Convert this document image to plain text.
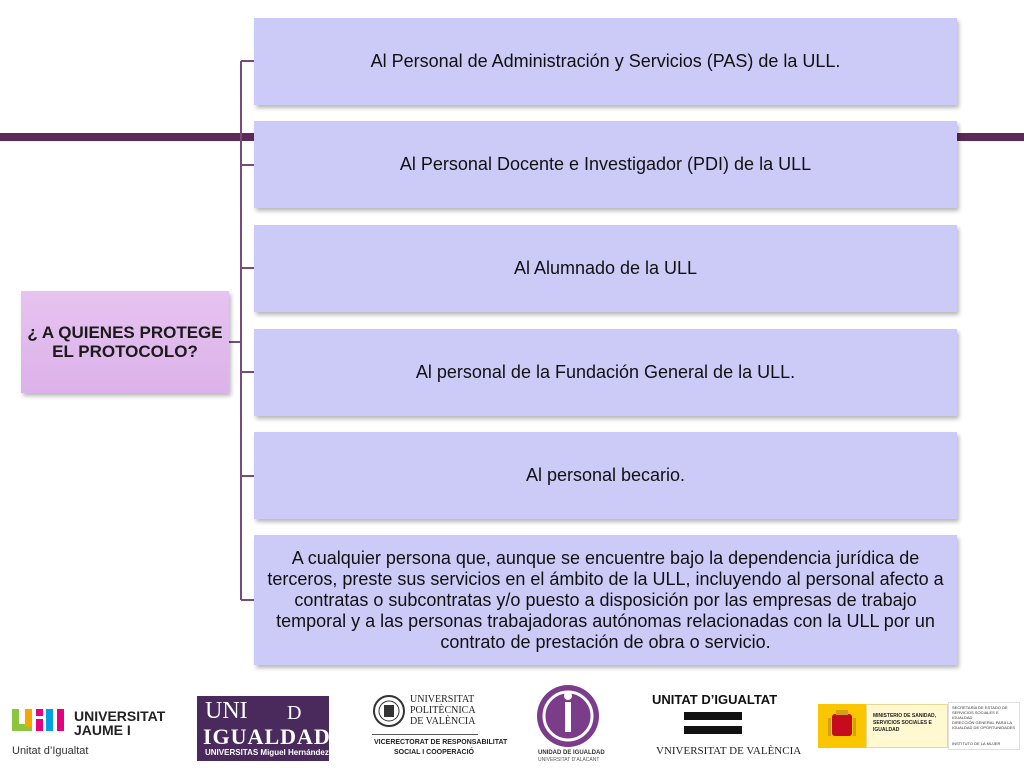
¿ A QUIENES PROTEGE EL PROTOCOLO?
Al Personal de Administración y Servicios (PAS) de la ULL.
Al Personal Docente e Investigador (PDI) de la ULL
Al Alumnado de la ULL
Al personal de la Fundación General de la ULL.
Al personal becario.
A cualquier persona que, aunque se encuentre bajo la dependencia jurídica de terceros, preste sus servicios en el ámbito de la ULL, incluyendo al personal afecto a contratas o subcontratas y/o puesto a disposición por las empresas de trabajo temporal y a las personas trabajadoras autónomas relacionadas con la ULL por un contrato de prestación de obra o servicio.
UNIVERSITAT
JAUME I
Unitat d’Igualtat
UNI D
IGUALDAD
UNIVERSITAS Miguel Hernández
UNIVERSITAT
POLITÈCNICA
DE VALÈNCIA
VICERECTORAT DE RESPONSABILITAT
SOCIAL I COOPERACIÓ	UNIDAD DE IGUALDAD
UNIVERSITAT D’ALACANT
UNITAT D’IGUALTAT
VNIVERSITAT DE VALÈNCIA
MINISTERIO DE SANIDAD, SERVICIOS SOCIALES E IGUALDAD
SECRETARÍA DE ESTADO DE SERVICIOS SOCIALES E IGUALDAD
DIRECCIÓN GENERAL PARA LA IGUALDAD DE OPORTUNIDADES
INSTITUTO DE LA MUJER
